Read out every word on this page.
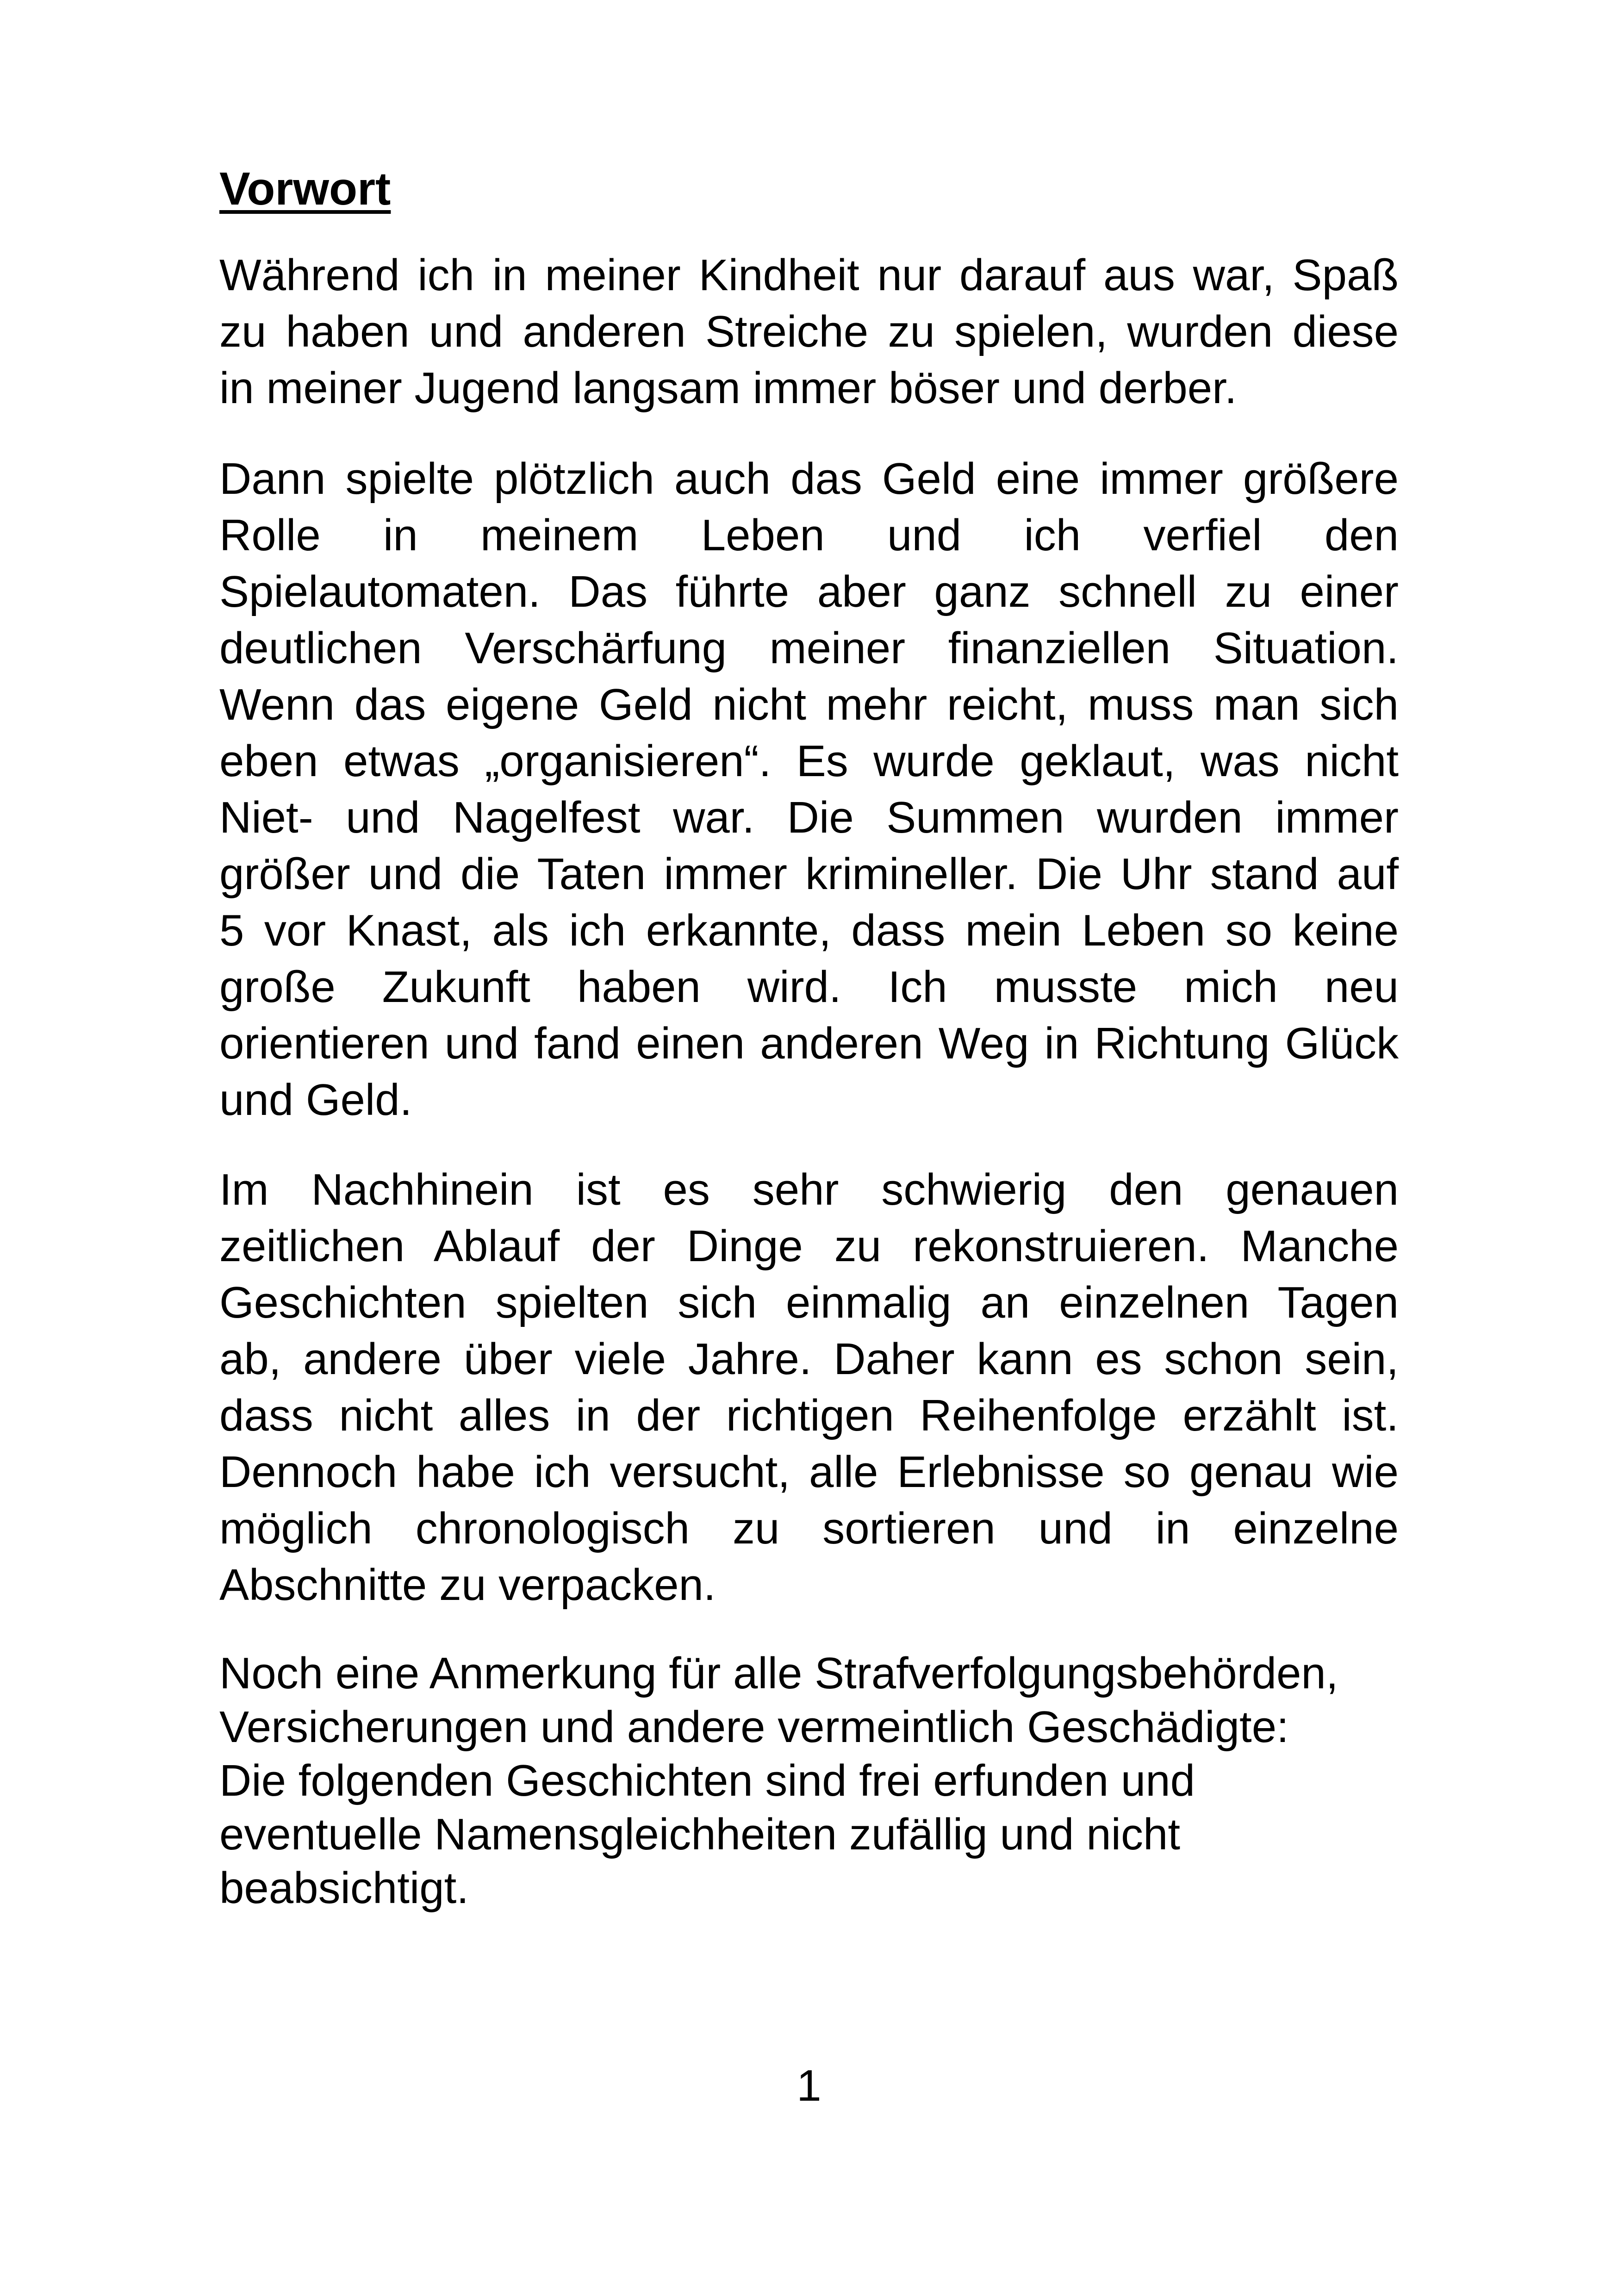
Vorwort
Während ich in meiner Kindheit nur darauf aus war, Spaß
zu haben und anderen Streiche zu spielen, wurden diese
in meiner Jugend langsam immer böser und derber.
Dann spielte plötzlich auch das Geld eine immer größere
Rolle in meinem Leben und ich verfiel den
Spielautomaten. Das führte aber ganz schnell zu einer
deutlichen Verschärfung meiner finanziellen Situation.
Wenn das eigene Geld nicht mehr reicht, muss man sich
eben etwas „organisieren“. Es wurde geklaut, was nicht
Niet- und Nagelfest war. Die Summen wurden immer
größer und die Taten immer krimineller. Die Uhr stand auf
5 vor Knast, als ich erkannte, dass mein Leben so keine
große Zukunft haben wird. Ich musste mich neu
orientieren und fand einen anderen Weg in Richtung Glück
und Geld.
Im Nachhinein ist es sehr schwierig den genauen
zeitlichen Ablauf der Dinge zu rekonstruieren. Manche
Geschichten spielten sich einmalig an einzelnen Tagen
ab, andere über viele Jahre. Daher kann es schon sein,
dass nicht alles in der richtigen Reihenfolge erzählt ist.
Dennoch habe ich versucht, alle Erlebnisse so genau wie
möglich chronologisch zu sortieren und in einzelne
Abschnitte zu verpacken.
Noch eine Anmerkung für alle Strafverfolgungsbehörden,
Versicherungen und andere vermeintlich Geschädigte:
Die folgenden Geschichten sind frei erfunden und
eventuelle Namensgleichheiten zufällig und nicht
beabsichtigt.
1
